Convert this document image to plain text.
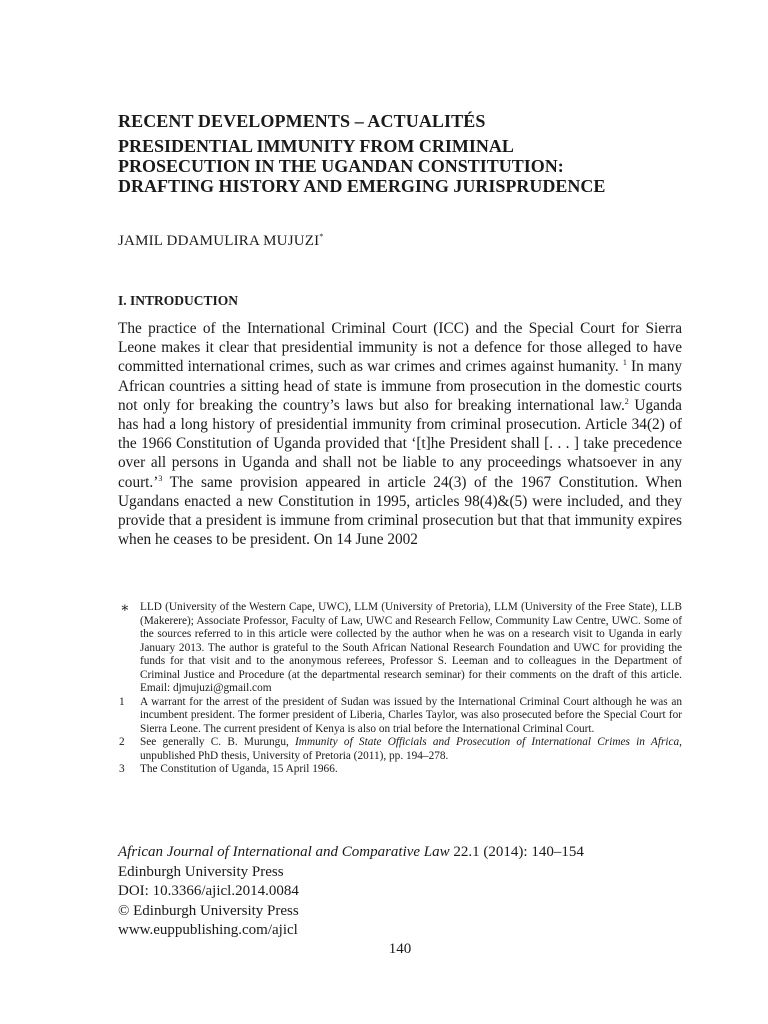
RECENT DEVELOPMENTS – ACTUALITÉS
PRESIDENTIAL IMMUNITY FROM CRIMINAL
PROSECUTION IN THE UGANDAN CONSTITUTION:
DRAFTING HISTORY AND EMERGING JURISPRUDENCE
JAMIL DDAMULIRA MUJUZI*
I. INTRODUCTION

The practice of the International Criminal Court (ICC) and the Special Court for Sierra Leone makes it clear that presidential immunity is not a defence for those alleged to have committed international crimes, such as war crimes and crimes against humanity. $^1$ In many African countries a sitting head of state is immune from prosecution in the domestic courts not only for breaking the country’s laws but also for breaking international law.$^2$ Uganda has had a long history of presidential immunity from criminal prosecution. Article 34(2) of the 1966 Constitution of Uganda provided that ‘[t]he President shall [. . . ] take precedence over all persons in Uganda and shall not be liable to any proceedings whatsoever in any court.’$^3$ The same provision appeared in article 24(3) of the 1967 Constitution. When Ugandans enacted a new Constitution in 1995, articles 98(4)&(5) were included, and they provide that a president is immune from criminal prosecution but that that immunity expires when he ceases to be president. On 14 June 2002

∗ LLD (University of the Western Cape, UWC), LLM (University of Pretoria), LLM (University of the Free State), LLB (Makerere); Associate Professor, Faculty of Law, UWC and Research Fellow, Community Law Centre, UWC. Some of the sources referred to in this article were collected by the author when he was on a research visit to Uganda in early January 2013. The author is grateful to the South African National Research Foundation and UWC for providing the funds for that visit and to the anonymous referees, Professor S. Leeman and to colleagues in the Department of Criminal Justice and Procedure (at the departmental research seminar) for their comments on the draft of this article. Email: djmujuzi@gmail.com
1	A warrant for the arrest of the president of Sudan was issued by the International Criminal Court although he was an incumbent president. The former president of Liberia, Charles Taylor, was also prosecuted before the Special Court for Sierra Leone. The current president of Kenya is also on trial before the International Criminal Court.
2	See generally C. B. Murungu, Immunity of State Officials and Prosecution of International Crimes in Africa, unpublished PhD thesis, University of Pretoria (2011), pp. 194–278.
3	The Constitution of Uganda, 15 April 1966.
African Journal of International and Comparative Law 22.1 (2014): 140–154
Edinburgh University Press
DOI: 10.3366/ajicl.2014.0084
© Edinburgh University Press
www.euppublishing.com/ajicl
140
